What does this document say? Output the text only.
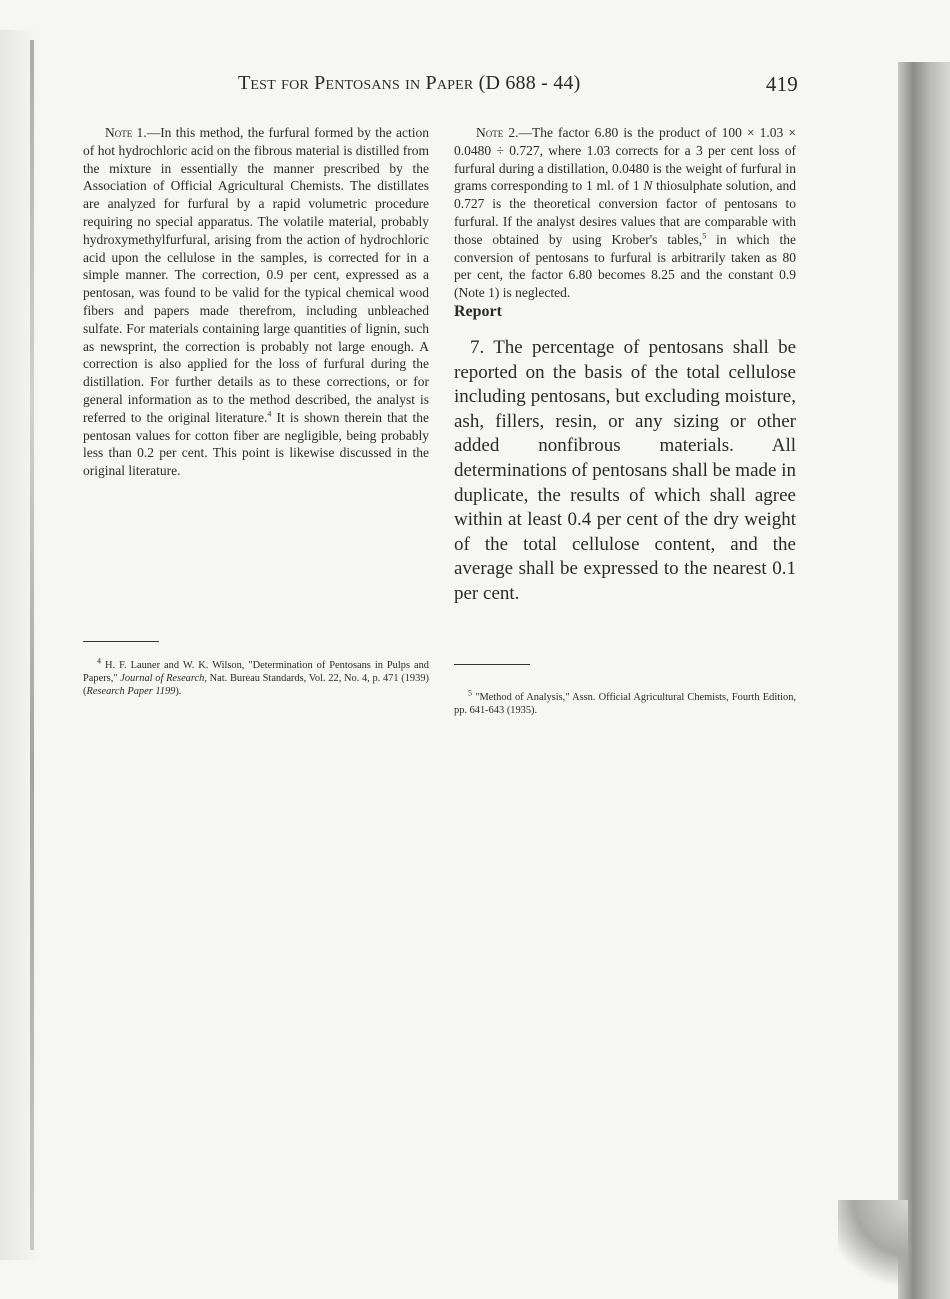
Test for Pentosans in Paper (D 688 - 44)	419

Note 1.—In this method, the furfural formed by the action of hot hydrochloric acid on the fibrous material is distilled from the mixture in essentially the manner prescribed by the Association of Official Agricultural Chemists. The distillates are analyzed for furfural by a rapid volumetric procedure requiring no special apparatus. The volatile material, probably hydroxymethylfurfural, arising from the action of hydrochloric acid upon the cellulose in the samples, is corrected for in a simple manner. The correction, 0.9 per cent, expressed as a pentosan, was found to be valid for the typical chemical wood fibers and papers made therefrom, including unbleached sulfate. For materials containing large quantities of lignin, such as newsprint, the correction is probably not large enough. A correction is also applied for the loss of furfural during the distillation. For further details as to these corrections, or for general information as to the method described, the analyst is referred to the original literature.$^4$ It is shown therein that the pentosan values for cotton fiber are negligible, being probably less than 0.2 per cent. This point is likewise discussed in the original literature.

Note 2.—The factor 6.80 is the product of 100 × 1.03 × 0.0480 ÷ 0.727, where 1.03 corrects for a 3 per cent loss of furfural during a distillation, 0.0480 is the weight of furfural in grams corresponding to 1 ml. of 1 N thiosulphate solution, and 0.727 is the theoretical conversion factor of pentosans to furfural. If the analyst desires values that are comparable with those obtained by using Krober's tables,$^5$ in which the conversion of pentosans to furfural is arbitrarily taken as 80 per cent, the factor 6.80 becomes 8.25 and the constant 0.9 (Note 1) is neglected.

Report

7. The percentage of pentosans shall be reported on the basis of the total cellulose including pentosans, but excluding moisture, ash, fillers, resin, or any sizing or other added nonfibrous materials. All determinations of pentosans shall be made in duplicate, the results of which shall agree within at least 0.4 per cent of the dry weight of the total cellulose content, and the average shall be expressed to the nearest 0.1 per cent.

$^4$ H. F. Launer and W. K. Wilson, "Determination of Pentosans in Pulps and Papers," Journal of Research, Nat. Bureau Standards, Vol. 22, No. 4, p. 471 (1939) (Research Paper 1199).	$^5$ "Method of Analysis," Assn. Official Agricultural Chemists, Fourth Edition, pp. 641-643 (1935).
